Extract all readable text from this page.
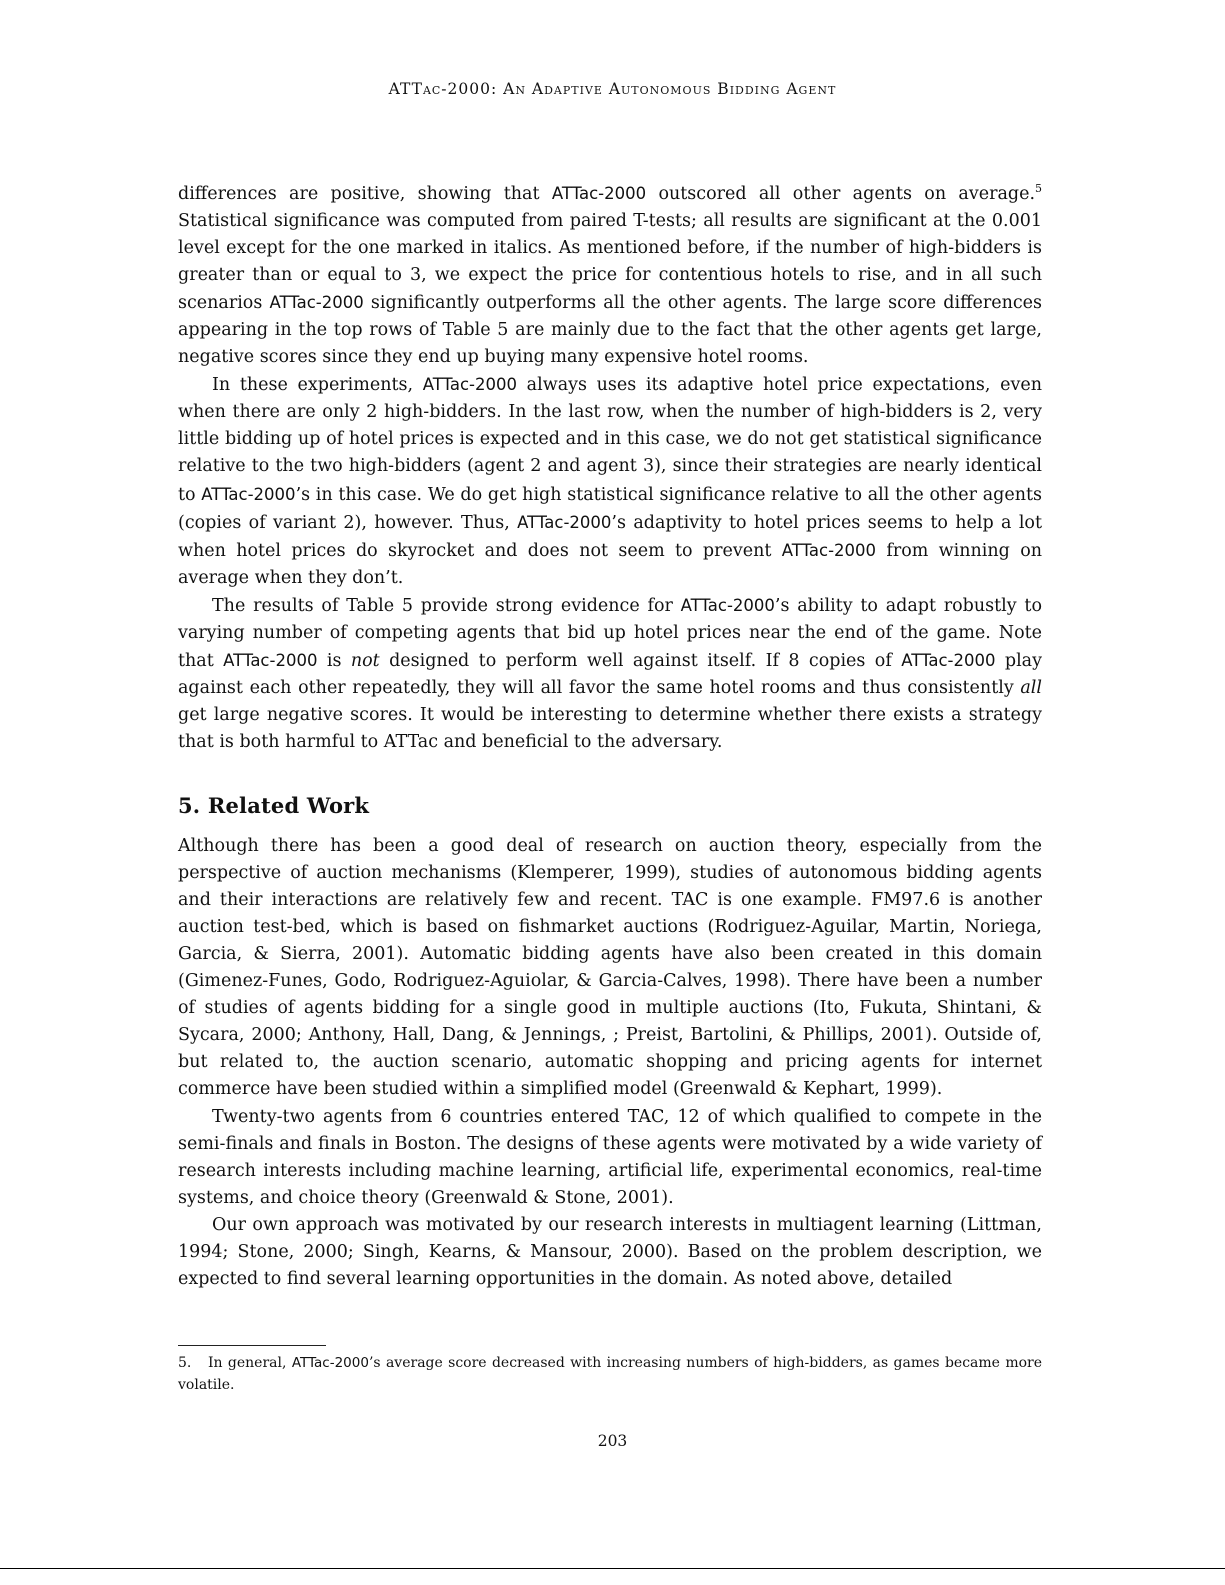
ATTac-2000: An Adaptive Autonomous Bidding Agent

differences are positive, showing that ATTac-2000 outscored all other agents on average.$^5$ Statistical significance was computed from paired T-tests; all results are significant at the 0.001 level except for the one marked in italics. As mentioned before, if the number of high-bidders is greater than or equal to 3, we expect the price for contentious hotels to rise, and in all such scenarios ATTac-2000 significantly outperforms all the other agents. The large score differences appearing in the top rows of Table 5 are mainly due to the fact that the other agents get large, negative scores since they end up buying many expensive hotel rooms.

In these experiments, ATTac-2000 always uses its adaptive hotel price expectations, even when there are only 2 high-bidders. In the last row, when the number of high-bidders is 2, very little bidding up of hotel prices is expected and in this case, we do not get statistical significance relative to the two high-bidders (agent 2 and agent 3), since their strategies are nearly identical to ATTac-2000’s in this case. We do get high statistical significance relative to all the other agents (copies of variant 2), however. Thus, ATTac-2000’s adaptivity to hotel prices seems to help a lot when hotel prices do skyrocket and does not seem to prevent ATTac-2000 from winning on average when they don’t.

The results of Table 5 provide strong evidence for ATTac-2000’s ability to adapt robustly to varying number of competing agents that bid up hotel prices near the end of the game. Note that ATTac-2000 is not designed to perform well against itself. If 8 copies of ATTac-2000 play against each other repeatedly, they will all favor the same hotel rooms and thus consistently all get large negative scores. It would be interesting to determine whether there exists a strategy that is both harmful to ATTac and beneficial to the adversary.

5. Related Work

Although there has been a good deal of research on auction theory, especially from the perspective of auction mechanisms (Klemperer, 1999), studies of autonomous bidding agents and their interactions are relatively few and recent. TAC is one example. FM97.6 is another auction test-bed, which is based on fishmarket auctions (Rodriguez-Aguilar, Martin, Noriega, Garcia, & Sierra, 2001). Automatic bidding agents have also been created in this domain (Gimenez-Funes, Godo, Rodriguez-Aguiolar, & Garcia-Calves, 1998). There have been a number of studies of agents bidding for a single good in multiple auctions (Ito, Fukuta, Shintani, & Sycara, 2000; Anthony, Hall, Dang, & Jennings, ; Preist, Bartolini, & Phillips, 2001). Outside of, but related to, the auction scenario, automatic shopping and pricing agents for internet commerce have been studied within a simplified model (Greenwald & Kephart, 1999).

Twenty-two agents from 6 countries entered TAC, 12 of which qualified to compete in the semi-finals and finals in Boston. The designs of these agents were motivated by a wide variety of research interests including machine learning, artificial life, experimental economics, real-time systems, and choice theory (Greenwald & Stone, 2001).

Our own approach was motivated by our research interests in multiagent learning (Littman, 1994; Stone, 2000; Singh, Kearns, & Mansour, 2000). Based on the problem description, we expected to find several learning opportunities in the domain. As noted above, detailed

5. In general, ATTac-2000’s average score decreased with increasing numbers of high-bidders, as games became more volatile.
203
